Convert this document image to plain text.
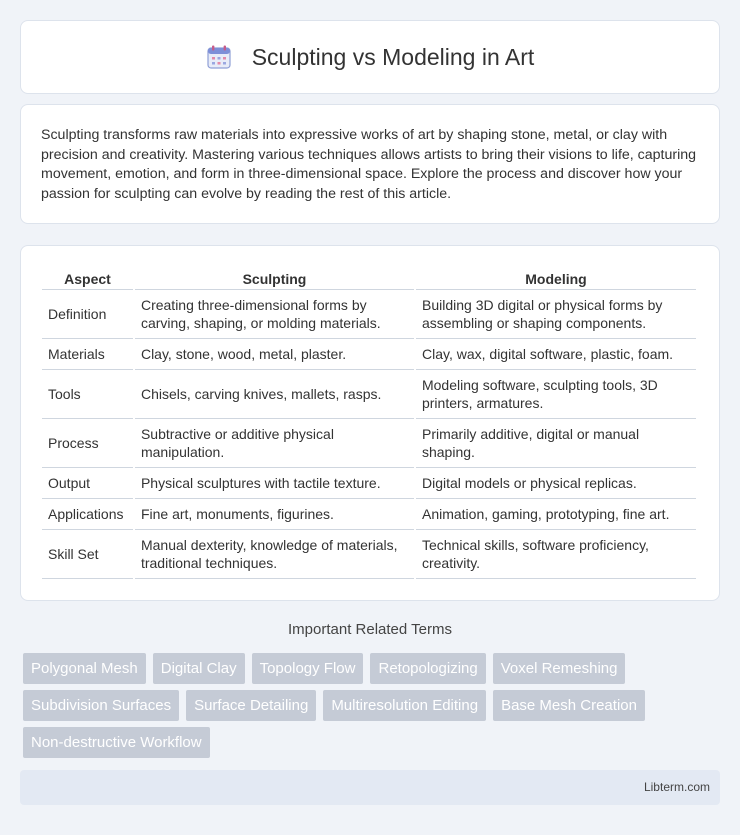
Sculpting vs Modeling in Art

Sculpting transforms raw materials into expressive works of art by shaping stone, metal, or clay with precision and creativity. Mastering various techniques allows artists to bring their visions to life, capturing movement, emotion, and form in three-dimensional space. Explore the process and discover how your passion for sculpting can evolve by reading the rest of this article.

Aspect	Sculpting	Modeling
Definition	Creating three-dimensional forms by carving, shaping, or molding materials.	Building 3D digital or physical forms by assembling or shaping components.
Materials	Clay, stone, wood, metal, plaster.	Clay, wax, digital software, plastic, foam.
Tools	Chisels, carving knives, mallets, rasps.	Modeling software, sculpting tools, 3D printers, armatures.
Process	Subtractive or additive physical manipulation.	Primarily additive, digital or manual shaping.
Output	Physical sculptures with tactile texture.	Digital models or physical replicas.
Applications	Fine art, monuments, figurines.	Animation, gaming, prototyping, fine art.
Skill Set	Manual dexterity, knowledge of materials, traditional techniques.	Technical skills, software proficiency, creativity.
Important Related Terms
Polygonal Mesh	Digital Clay	Topology Flow	Retopologizing	Voxel Remeshing
Subdivision Surfaces	Surface Detailing	Multiresolution Editing	Base Mesh Creation
Non-destructive Workflow
Libterm.com
